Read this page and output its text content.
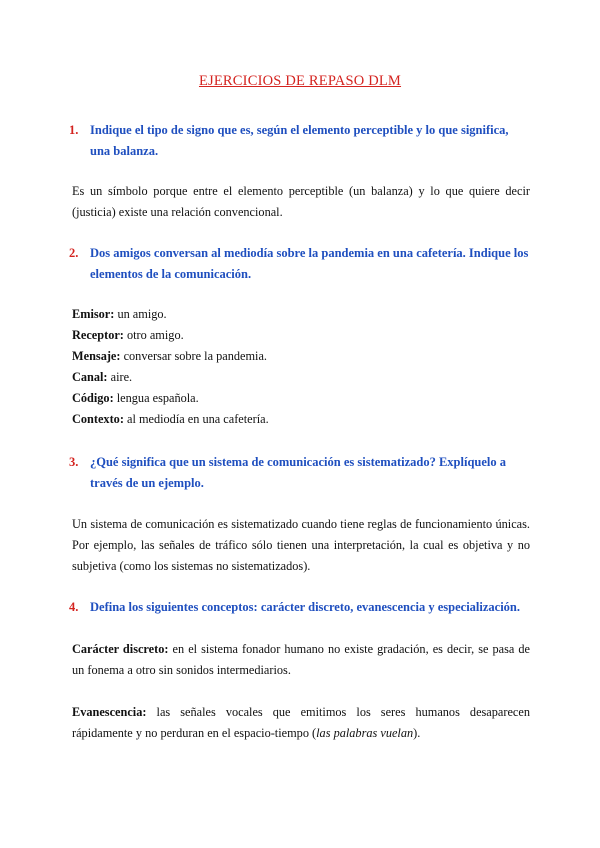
EJERCICIOS DE REPASO DLM
1. Indique el tipo de signo que es, según el elemento perceptible y lo que significa, una balanza.
Es un símbolo porque entre el elemento perceptible (un balanza) y lo que quiere decir (justicia) existe una relación convencional.
2. Dos amigos conversan al mediodía sobre la pandemia en una cafetería. Indique los elementos de la comunicación.
Emisor: un amigo.
Receptor: otro amigo.
Mensaje: conversar sobre la pandemia.
Canal: aire.
Código: lengua española.
Contexto: al mediodía en una cafetería.
3. ¿Qué significa que un sistema de comunicación es sistematizado? Explíquelo a través de un ejemplo.
Un sistema de comunicación es sistematizado cuando tiene reglas de funcionamiento únicas. Por ejemplo, las señales de tráfico sólo tienen una interpretación, la cual es objetiva y no subjetiva (como los sistemas no sistematizados).
4. Defina los siguientes conceptos: carácter discreto, evanescencia y especialización.
Carácter discreto: en el sistema fonador humano no existe gradación, es decir, se pasa de un fonema a otro sin sonidos intermediarios.
Evanescencia: las señales vocales que emitimos los seres humanos desaparecen rápidamente y no perduran en el espacio-tiempo (las palabras vuelan).
